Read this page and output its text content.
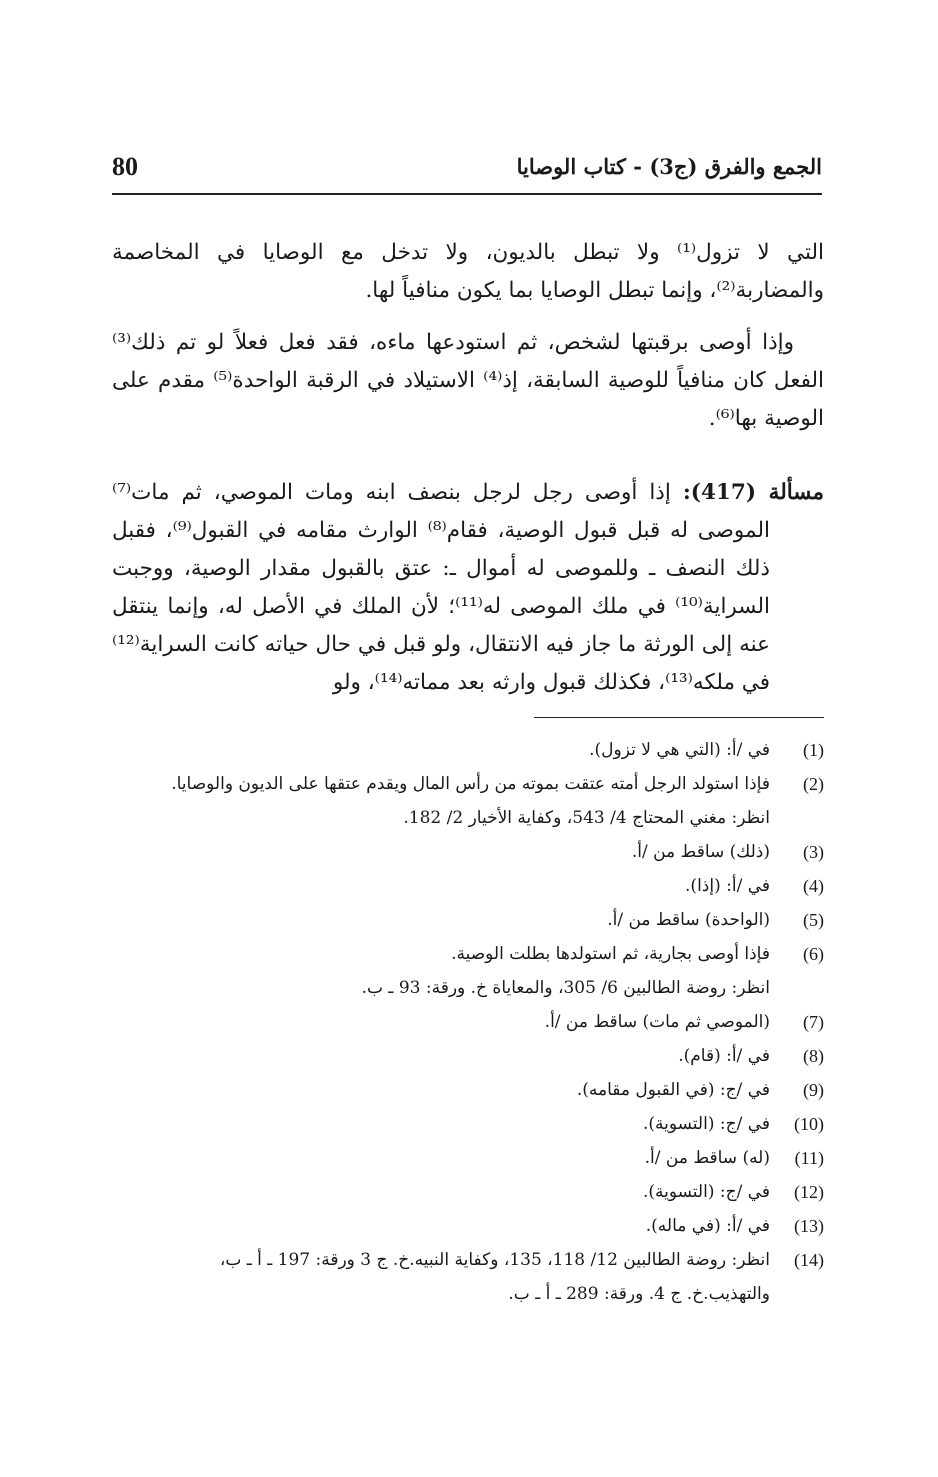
80	الجمع والفرق (ج3) - كتاب الوصايا

التي لا تزول⁽¹⁾ ولا تبطل بالديون، ولا تدخل مع الوصايا في المخاصمة والمضاربة⁽²⁾، وإنما تبطل الوصايا بما يكون منافياً لها.

وإذا أوصى برقبتها لشخص، ثم استودعها ماءه، فقد فعل فعلاً لو تم ذلك⁽³⁾ الفعل كان منافياً للوصية السابقة، إذ⁽⁴⁾ الاستيلاد في الرقبة الواحدة⁽⁵⁾ مقدم على الوصية بها⁽⁶⁾.

مسألة (417): إذا أوصى رجل لرجل بنصف ابنه ومات الموصي، ثم مات⁽⁷⁾ الموصى له قبل قبول الوصية، فقام⁽⁸⁾ الوارث مقامه في القبول⁽⁹⁾، فقبل ذلك النصف ـ وللموصى له أموال ـ: عتق بالقبول مقدار الوصية، ووجبت السراية⁽¹⁰⁾ في ملك الموصى له⁽¹¹⁾؛ لأن الملك في الأصل له، وإنما ينتقل عنه إلى الورثة ما جاز فيه الانتقال، ولو قبل في حال حياته كانت السراية⁽¹²⁾ في ملكه⁽¹³⁾، فكذلك قبول وارثه بعد مماته⁽¹⁴⁾، ولو

(1)
في /أ: (التي هي لا تزول).
(2)
فإذا استولد الرجل أمته عتقت بموته من رأس المال ويقدم عتقها على الديون والوصايا.
انظر: مغني المحتاج 4/ 543، وكفاية الأخيار 2/ 182.
(3)
(ذلك) ساقط من /أ.
(4)
في /أ: (إذا).
(5)
(الواحدة) ساقط من /أ.
(6)
فإذا أوصى بجارية، ثم استولدها بطلت الوصية.
انظر: روضة الطالبين 6/ 305، والمعاياة خ. ورقة: 93 ـ ب.
(7)
(الموصي ثم مات) ساقط من /أ.
(8)
في /أ: (قام).
(9)
في /ج: (في القبول مقامه).
(10)
في /ج: (التسوية).
(11)
(له) ساقط من /أ.
(12)
في /ج: (التسوية).
(13)
في /أ: (في ماله).
(14)
انظر: روضة الطالبين 12/ 118، 135، وكفاية النبيه.خ. ج 3 ورقة: 197 ـ أ ـ ب،
والتهذيب.خ. ج 4. ورقة: 289 ـ أ ـ ب.
